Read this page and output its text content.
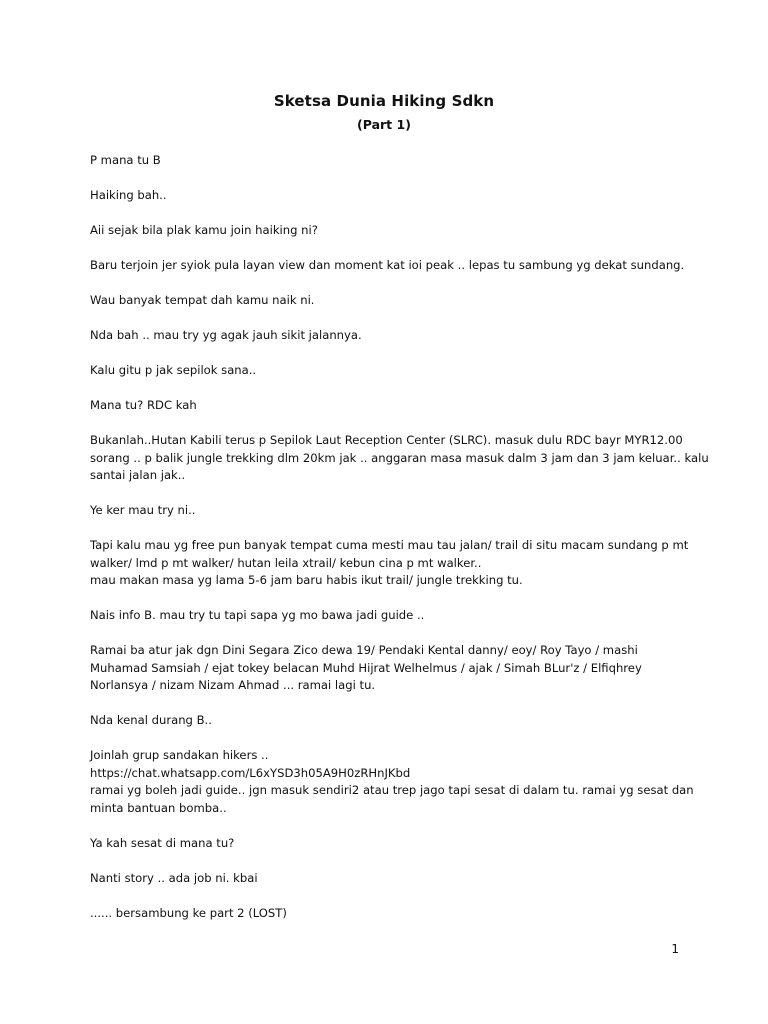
Sketsa Dunia Hiking Sdkn
(Part 1)

P mana tu B

Haiking bah..

Aii sejak bila plak kamu join haiking ni?

Baru terjoin jer syiok pula layan view dan moment kat ioi peak .. lepas tu sambung yg dekat sundang.

Wau banyak tempat dah kamu naik ni.

Nda bah .. mau try yg agak jauh sikit jalannya.

Kalu gitu p jak sepilok sana..

Mana tu? RDC kah

Bukanlah..Hutan Kabili terus p Sepilok Laut Reception Center (SLRC). masuk dulu RDC bayr MYR12.00
sorang .. p balik jungle trekking dlm 20km jak .. anggaran masa masuk dalm 3 jam dan 3 jam keluar.. kalu
santai jalan jak..

Ye ker mau try ni..

Tapi kalu mau yg free pun banyak tempat cuma mesti mau tau jalan/ trail di situ macam sundang p mt
walker/ lmd p mt walker/ hutan leila xtrail/ kebun cina p mt walker..
mau makan masa yg lama 5-6 jam baru habis ikut trail/ jungle trekking tu.

Nais info B. mau try tu tapi sapa yg mo bawa jadi guide ..

Ramai ba atur jak dgn Dini Segara Zico dewa 19/ Pendaki Kental danny/ eoy/ Roy Tayo / mashi
Muhamad Samsiah / ejat tokey belacan Muhd Hijrat Welhelmus / ajak / Simah BLur'z / Elfiqhrey
Norlansya / nizam Nizam Ahmad ... ramai lagi tu.

Nda kenal durang B..

Joinlah grup sandakan hikers ..
https://chat.whatsapp.com/L6xYSD3h05A9H0zRHnJKbd
ramai yg boleh jadi guide.. jgn masuk sendiri2 atau trep jago tapi sesat di dalam tu. ramai yg sesat dan
minta bantuan bomba..

Ya kah sesat di mana tu?

Nanti story .. ada job ni. kbai

...... bersambung ke part 2 (LOST)

1
